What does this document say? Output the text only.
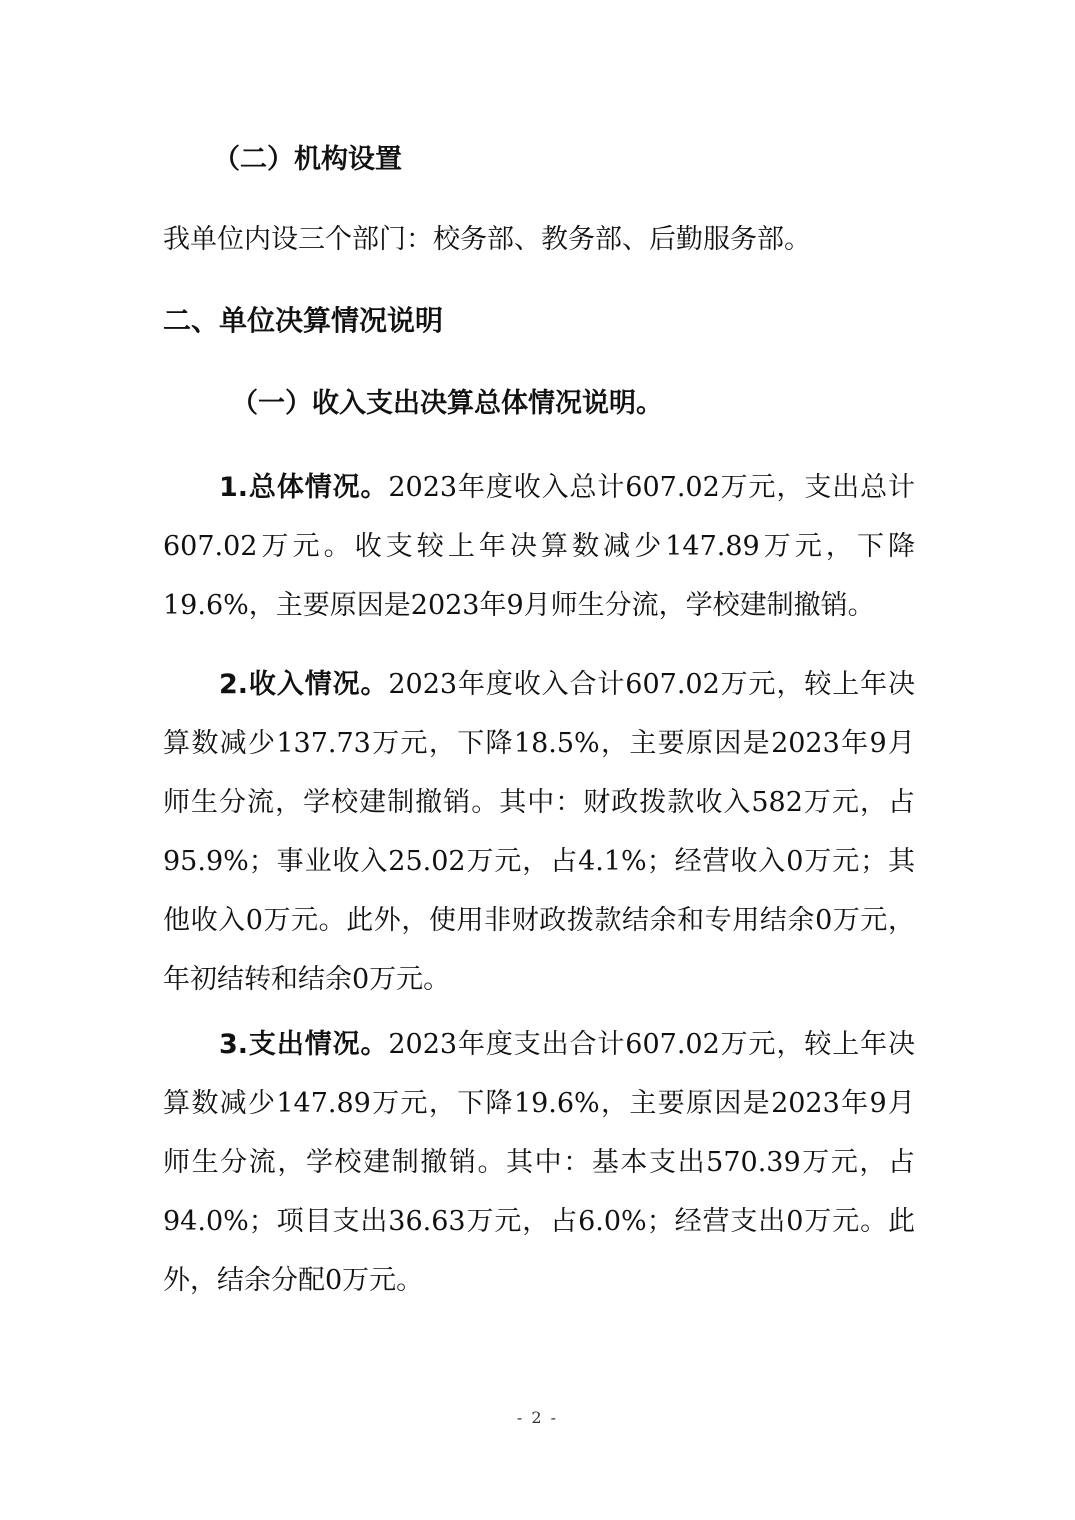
（二）机构设置
我单位内设三个部门：校务部、教务部、后勤服务部。
二、单位决算情况说明
（一）收入支出决算总体情况说明。

1.总体情况。2023年度收入总计607.02万元，支出总计607.02万元。收支较上年决算数减少147.89万元，下降19.6%，主要原因是2023年9月师生分流，学校建制撤销。

2.收入情况。2023年度收入合计607.02万元，较上年决算数减少137.73万元，下降18.5%，主要原因是2023年9月师生分流，学校建制撤销。其中：财政拨款收入582万元，占95.9%；事业收入25.02万元，占4.1%；经营收入0万元；其他收入0万元。此外，使用非财政拨款结余和专用结余0万元，年初结转和结余0万元。

3.支出情况。2023年度支出合计607.02万元，较上年决算数减少147.89万元，下降19.6%，主要原因是2023年9月师生分流，学校建制撤销。其中：基本支出570.39万元，占94.0%；项目支出36.63万元，占6.0%；经营支出0万元。此外，结余分配0万元。

- 2 -
